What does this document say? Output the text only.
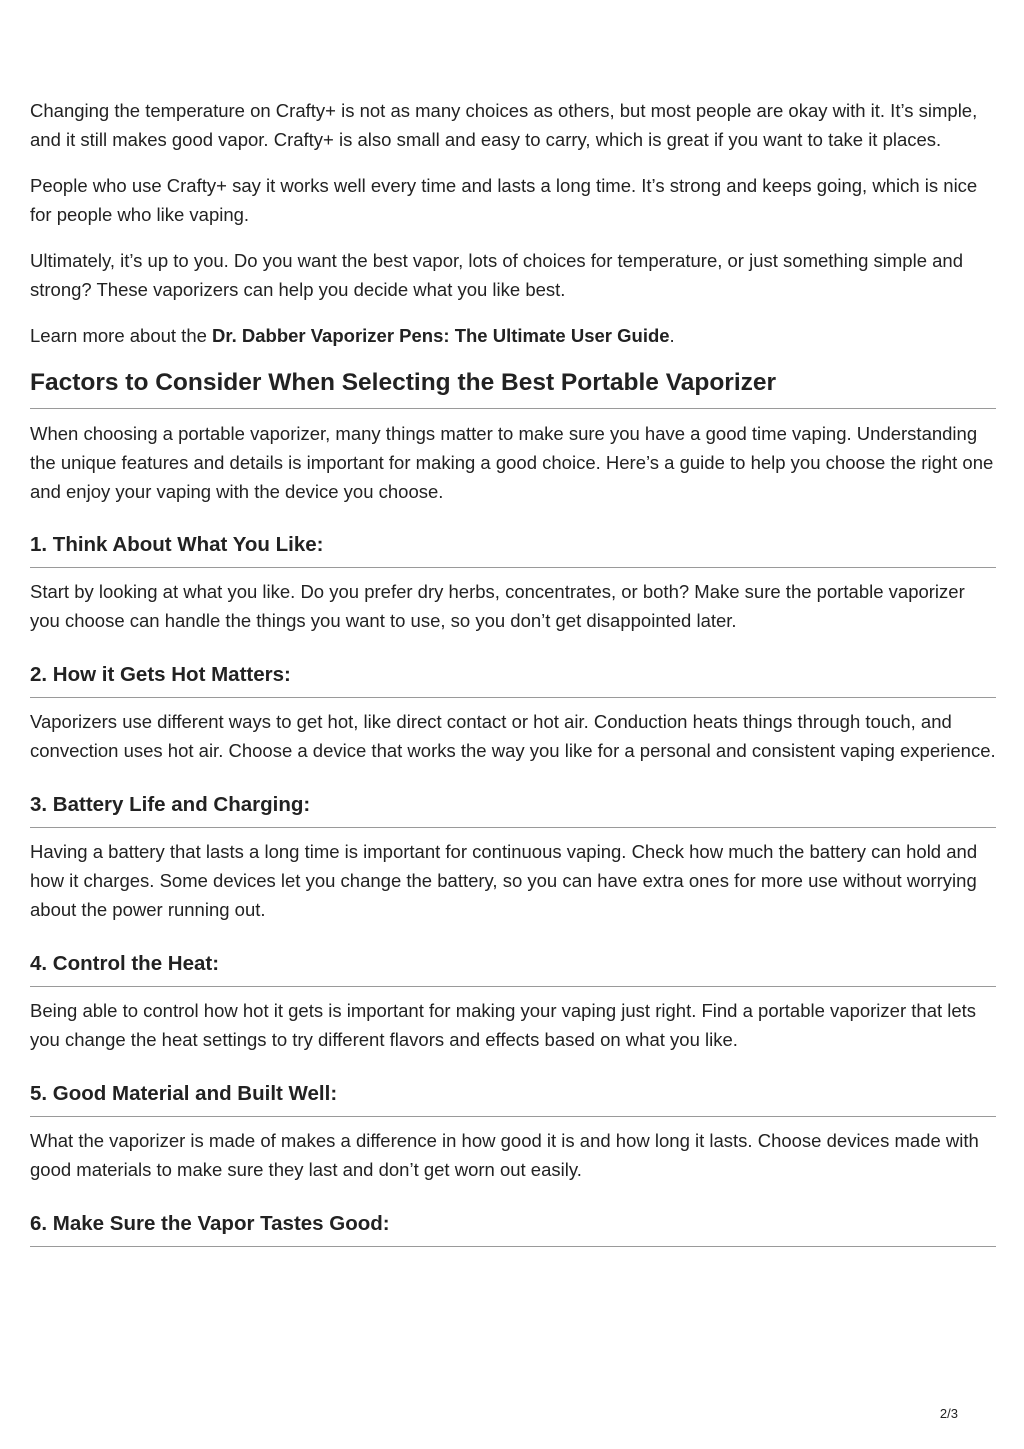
Changing the temperature on Crafty+ is not as many choices as others, but most people are okay with it. It’s simple, and it still makes good vapor. Crafty+ is also small and easy to carry, which is great if you want to take it places.

People who use Crafty+ say it works well every time and lasts a long time. It’s strong and keeps going, which is nice for people who like vaping.

Ultimately, it’s up to you. Do you want the best vapor, lots of choices for temperature, or just something simple and strong? These vaporizers can help you decide what you like best.

Learn more about the Dr. Dabber Vaporizer Pens: The Ultimate User Guide.

Factors to Consider When Selecting the Best Portable Vaporizer

When choosing a portable vaporizer, many things matter to make sure you have a good time vaping. Understanding the unique features and details is important for making a good choice. Here’s a guide to help you choose the right one and enjoy your vaping with the device you choose.

1. Think About What You Like:

Start by looking at what you like. Do you prefer dry herbs, concentrates, or both? Make sure the portable vaporizer you choose can handle the things you want to use, so you don’t get disappointed later.

2. How it Gets Hot Matters:

Vaporizers use different ways to get hot, like direct contact or hot air. Conduction heats things through touch, and convection uses hot air. Choose a device that works the way you like for a personal and consistent vaping experience.

3. Battery Life and Charging:

Having a battery that lasts a long time is important for continuous vaping. Check how much the battery can hold and how it charges. Some devices let you change the battery, so you can have extra ones for more use without worrying about the power running out.

4. Control the Heat:

Being able to control how hot it gets is important for making your vaping just right. Find a portable vaporizer that lets you change the heat settings to try different flavors and effects based on what you like.

5. Good Material and Built Well:

What the vaporizer is made of makes a difference in how good it is and how long it lasts. Choose devices made with good materials to make sure they last and don’t get worn out easily.

6. Make Sure the Vapor Tastes Good:
2/3
